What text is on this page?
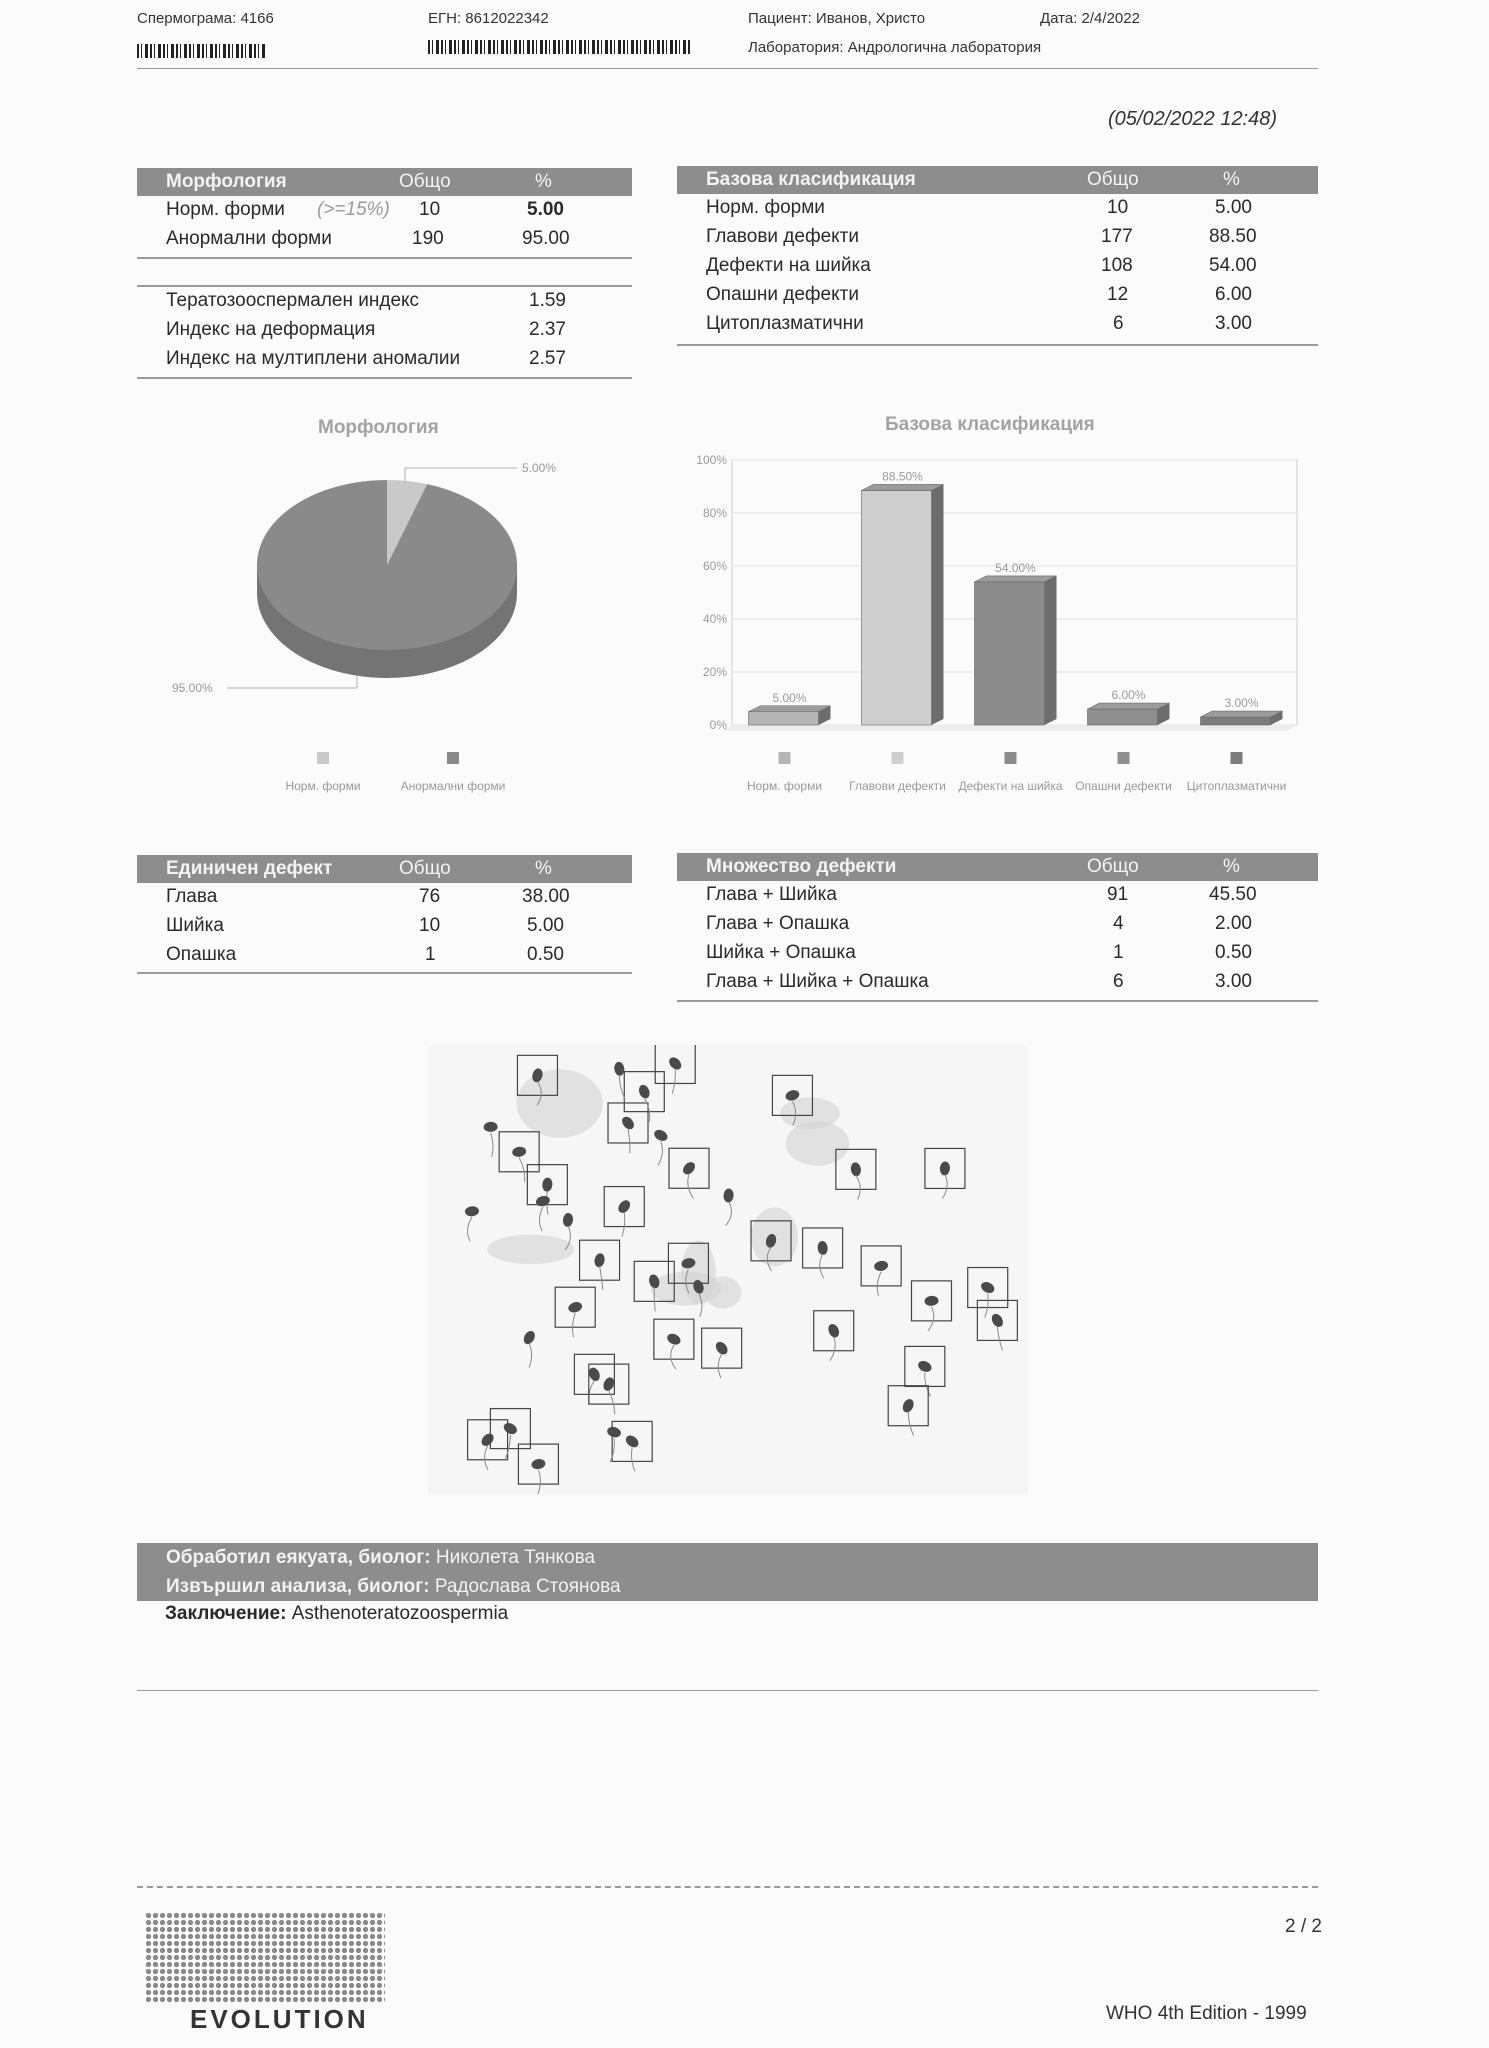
Спермограма: 4166	ЕГН: 8612022342	Пациент: Иванов, Христо	Дата: 2/4/2022
Лаборатория: Андрологична лаборатория
(05/02/2022 12:48)
Морфология	Общо	%
Норм. форми (>=15%) 10	5.00
Анормални форми	190	95.00
Тератозооспермален индекс	1.59
Индекс на деформация	2.37
Индекс на мултиплени аномалии	2.57
Базова класификация	Общо	%
Норм. форми	10	5.00
Главови дефекти	177	88.50
Дефекти на шийка	108	54.00
Опашни дефекти	12	6.00
Цитоплазматични	6	3.00
Морфология
5.00%
95.00%
Норм. форми	Анормални форми
Базова класификация
0%
20%
40%
60%
80%
100%
5.00%
Норм. форми
88.50%
Главови дефекти
54.00%
Дефекти на шийка
6.00%
Опашни дефекти
3.00%
Цитоплазматични
Единичен дефект	Общо	%
Глава	76	38.00
Шийка	10	5.00
Опашка	1	0.50
Множество дефекти	Общо	%
Глава + Шийка	91	45.50
Глава + Опашка	4	2.00
Шийка + Опашка	1	0.50
Глава + Шийка + Опашка	6	3.00
Обработил еякуата, биолог: Николета Тянкова
Извършил анализа, биолог: Радослава Стоянова
Заключение: Asthenoteratozoospermia
EVOLUTION
2 / 2
WHO 4th Edition - 1999
